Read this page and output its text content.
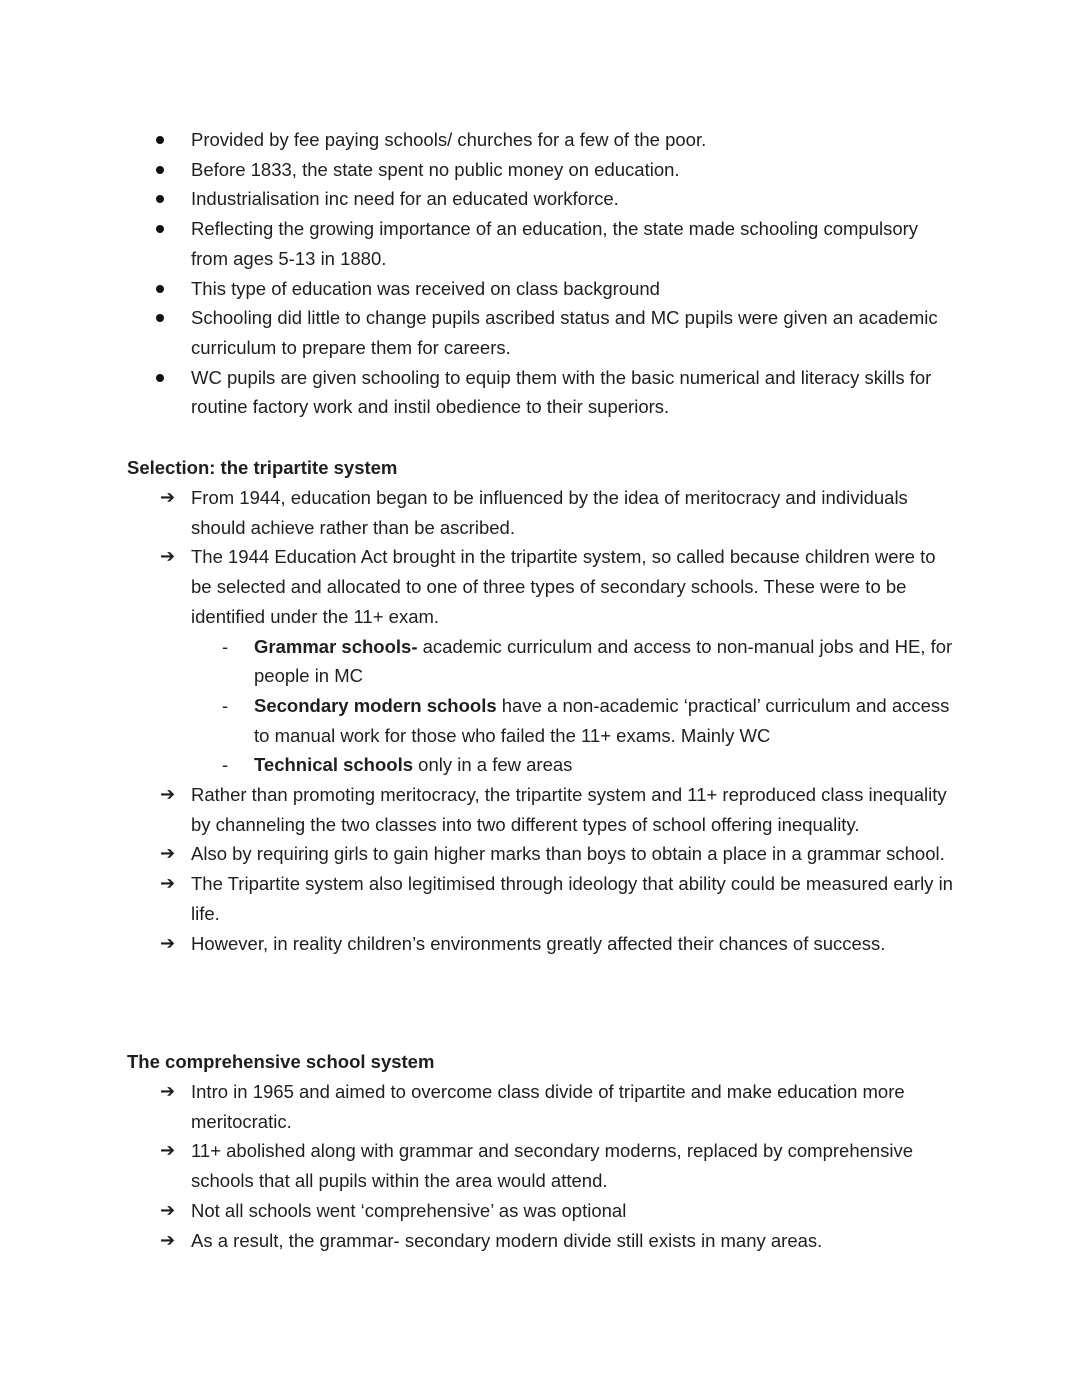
Provided by fee paying schools/ churches for a few of the poor.
Before 1833, the state spent no public money on education.
Industrialisation inc need for an educated workforce.
Reflecting the growing importance of an education, the state made schooling compulsory from ages 5-13 in 1880.
This type of education was received on class background
Schooling did little to change pupils ascribed status and MC pupils were given an academic curriculum to prepare them for careers.
WC pupils are given schooling to equip them with the basic numerical and literacy skills for routine factory work and instil obedience to their superiors.
Selection: the tripartite system
➔ From 1944, education began to be influenced by the idea of meritocracy and individuals should achieve rather than be ascribed.
➔ The 1944 Education Act brought in the tripartite system, so called because children were to be selected and allocated to one of three types of secondary schools. These were to be identified under the 11+ exam.
- Grammar schools- academic curriculum and access to non-manual jobs and HE, for people in MC
- Secondary modern schools have a non-academic ‘practical’ curriculum and access to manual work for those who failed the 11+ exams. Mainly WC
- Technical schools only in a few areas
➔ Rather than promoting meritocracy, the tripartite system and 11+ reproduced class inequality by channeling the two classes into two different types of school offering inequality.
➔ Also by requiring girls to gain higher marks than boys to obtain a place in a grammar school.
➔ The Tripartite system also legitimised through ideology that ability could be measured early in life.
➔ However, in reality children’s environments greatly affected their chances of success.
The comprehensive school system
➔ Intro in 1965 and aimed to overcome class divide of tripartite and make education more meritocratic.
➔ 11+ abolished along with grammar and secondary moderns, replaced by comprehensive schools that all pupils within the area would attend.
➔ Not all schools went ‘comprehensive’ as was optional
➔ As a result, the grammar- secondary modern divide still exists in many areas.
